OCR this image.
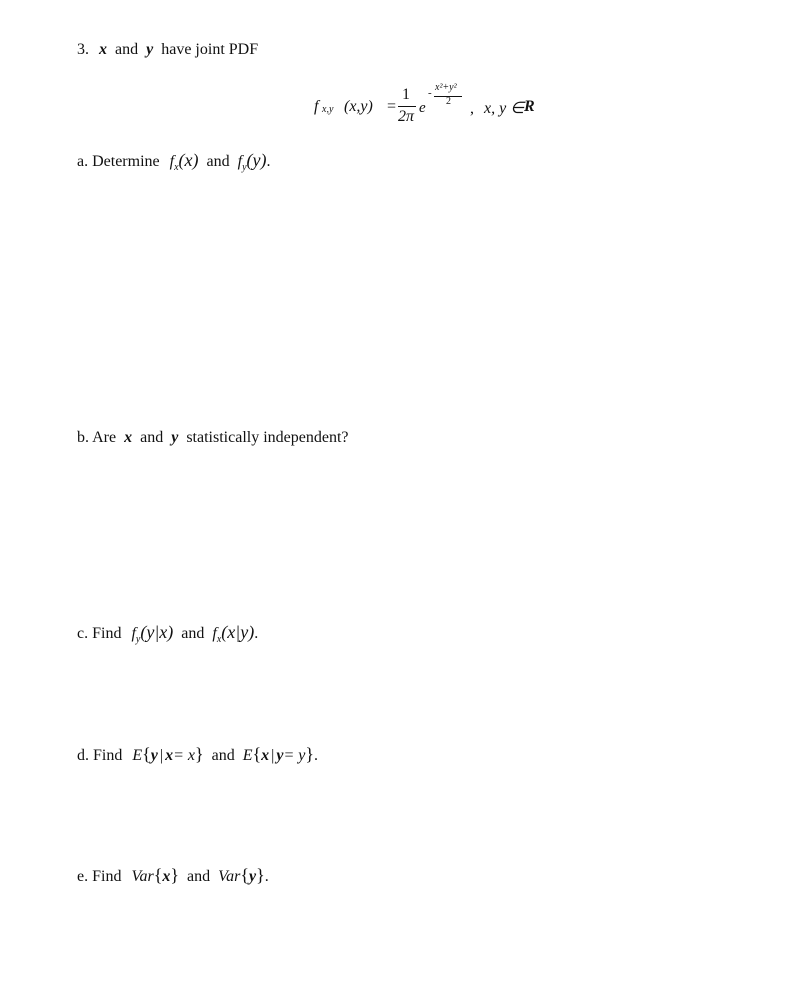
3. x and y have joint PDF
f x,y (x,y) =
1
2π e
- x²+y²
2 , x, y ∈ R
a. Determine $f_x(x)$ and $f_y(y)$.
b. Are x and y statistically independent?
c. Find $f_y(y|x)$ and $f_x(x|y)$.
d. Find E{y | x= x} and E{x | y= y}.
e. Find Var{x} and Var{y}.
